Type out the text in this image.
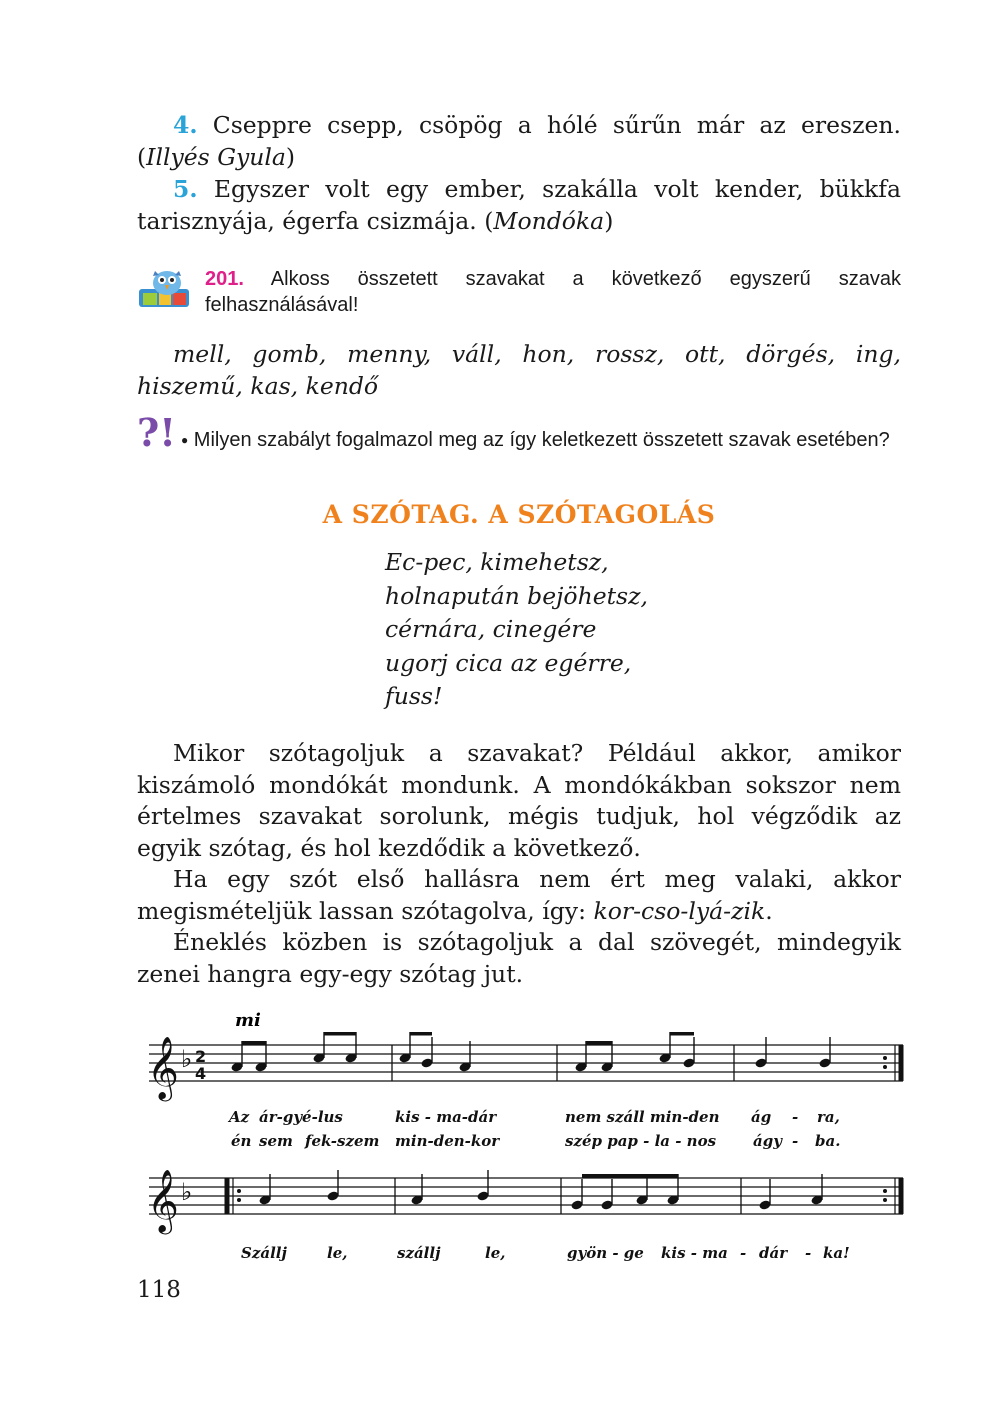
4. Cseppre csepp, csöpög a hólé sűrűn már az ereszen. (Illyés Gyula)

5. Egyszer volt egy ember, szakálla volt kender, bükkfa tarisznyája, égerfa csizmája. (Mondóka)

201. Alkoss összetett szavakat a következő egyszerű szavak felhasználásával!

mell, gomb, menny, váll, hon, rossz, ott, dörgés, ing, hiszemű, kas, kendő

?! ● Milyen szabályt fogalmazol meg az így keletkezett összetett szavak esetében?

A SZÓTAG. A SZÓTAGOLÁS
Ec-pec, kimehetsz,
holnapután bejöhetsz,
cérnára, cinegére
ugorj cica az egérre,
fuss!

Mikor szótagoljuk a szavakat? Például akkor, amikor kiszámoló mondókát mondunk. A mondókákban sokszor nem értelmes szavakat sorolunk, mégis tudjuk, hol végződik az egyik szótag, és hol kezdődik a következő.

Ha egy szót első hallásra nem ért meg valaki, akkor megismételjük lassan szótagolva, így: kor-cso-lyá-zik.

Éneklés közben is szótagoljuk a dal szövegét, mindegyik zenei hangra egy-egy szótag jut.

mi
𝄞 ♭ 2
4
𝄞 ♭
Az ár-gyé-lus	kis - ma-dár	nem száll min-den ág - ra,
én sem fek-szem min-den-kor	szép pap - la - nos ágy - ba.
Szállj	le,	szállj	le,	gyön - ge kis - ma - dár - ka!
118
